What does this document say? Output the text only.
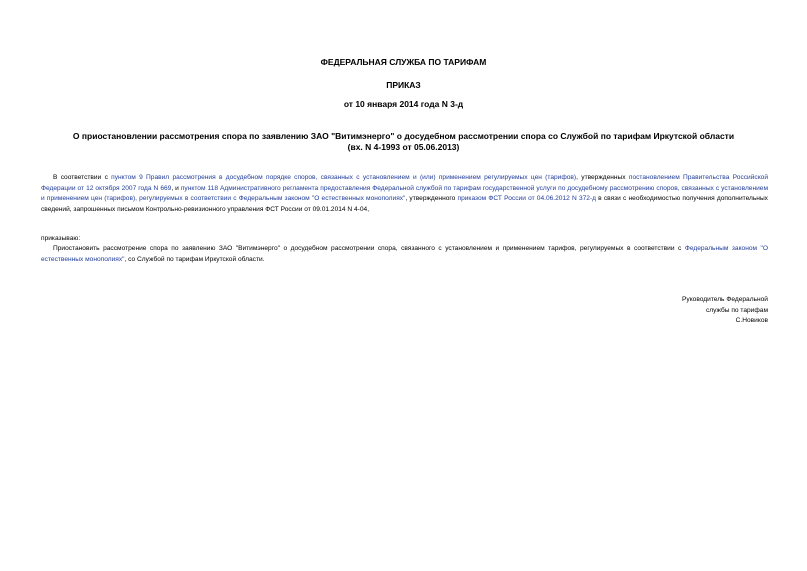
ФЕДЕРАЛЬНАЯ СЛУЖБА ПО ТАРИФАМ
ПРИКАЗ
от 10 января 2014 года N 3-д
О приостановлении рассмотрения спора по заявлению ЗАО "Витимэнерго" о досудебном рассмотрении спора со Службой по тарифам Иркутской области
(вх. N 4-1993 от 05.06.2013)
В соответствии с пунктом 9 Правил рассмотрения в досудебном порядке споров, связанных с установлением и (или) применением регулируемых цен (тарифов), утвержденных постановлением Правительства Российской Федерации от 12 октября 2007 года N 669, и пунктом 118 Административного регламента предоставления Федеральной службой по тарифам государственной услуги по досудебному рассмотрению споров, связанных с установлением и применением цен (тарифов), регулируемых в соответствии с Федеральным законом "О естественных монополиях", утвержденного приказом ФСТ России от 04.06.2012 N 372-д в связи с необходимостью получения дополнительных сведений, запрошенных письмом Контрольно-ревизионного управления ФСТ России от 09.01.2014 N 4-04,
приказываю:
Приостановить рассмотрение спора по заявлению ЗАО "Витимэнерго" о досудебном рассмотрении спора, связанного с установлением и применением тарифов, регулируемых в соответствии с Федеральным законом "О естественных монополиях", со Службой по тарифам Иркутской области.
Руководитель Федеральной
службы по тарифам
С.Новиков
